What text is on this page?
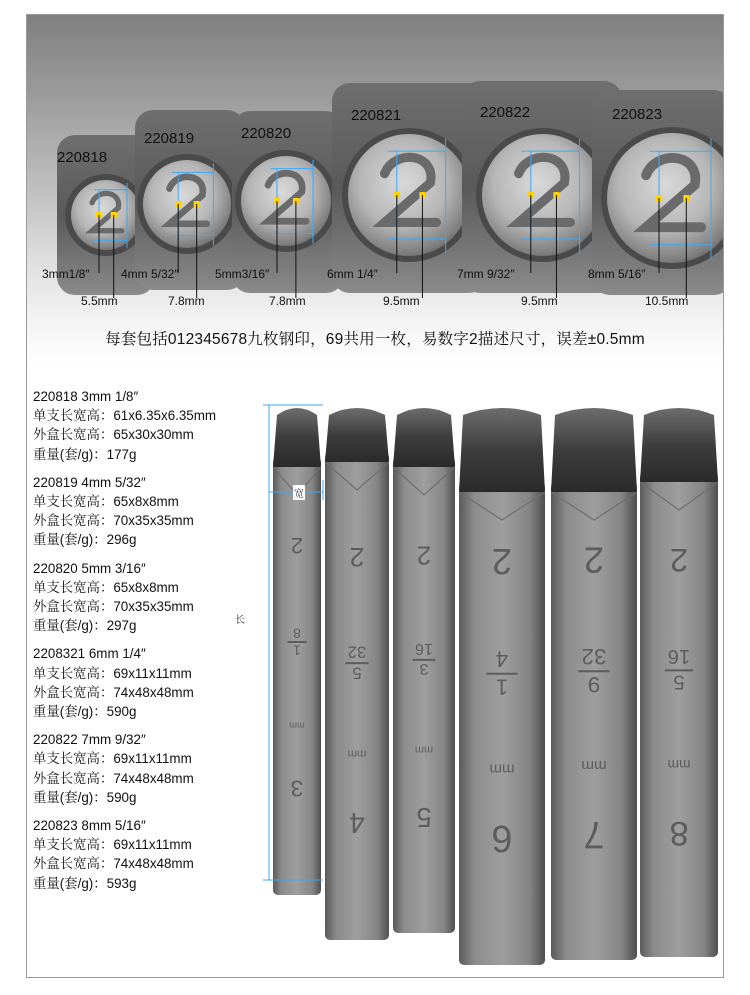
220818
220819	220820
220821	220822	220823
3mm1/8″
5.5mm
4mm 5/32″
7.8mm
5mm3/16″
7.8mm
6mm 1/4″
9.5mm
7mm 9/32″
9.5mm
8mm 5/16″
10.5mm
每套包括012345678九枚钢印，69共用一枚，易数字2描述尺寸，误差±0.5mm
220818 3mm 1/8″
单支长宽高：61x6.35x6.35mm
外盒长宽高：65x30x30mm
重量(套/g)：177g
220819 4mm 5/32″
单支长宽高：65x8x8mm
外盒长宽高：70x35x35mm
重量(套/g)：296g
220820 5mm 3/16″
单支长宽高：65x8x8mm
外盒长宽高：70x35x35mm
重量(套/g)：297g
2208321 6mm 1/4″
单支长宽高：69x11x11mm
外盒长宽高：74x48x48mm
重量(套/g)：590g
220822 7mm 9/32″
单支长宽高：69x11x11mm
外盒长宽高：74x48x48mm
重量(套/g)：590g
220823 8mm 5/16″
单支长宽高：69x11x11mm
外盒长宽高：74x48x48mm
重量(套/g)：593g
2
8
1
mm
3
2
32
5
mm
4
2
16
3
mm
5
2
4
1
mm
6
2
32
9
mm
7
2
16
5
mm
8
宽
长
